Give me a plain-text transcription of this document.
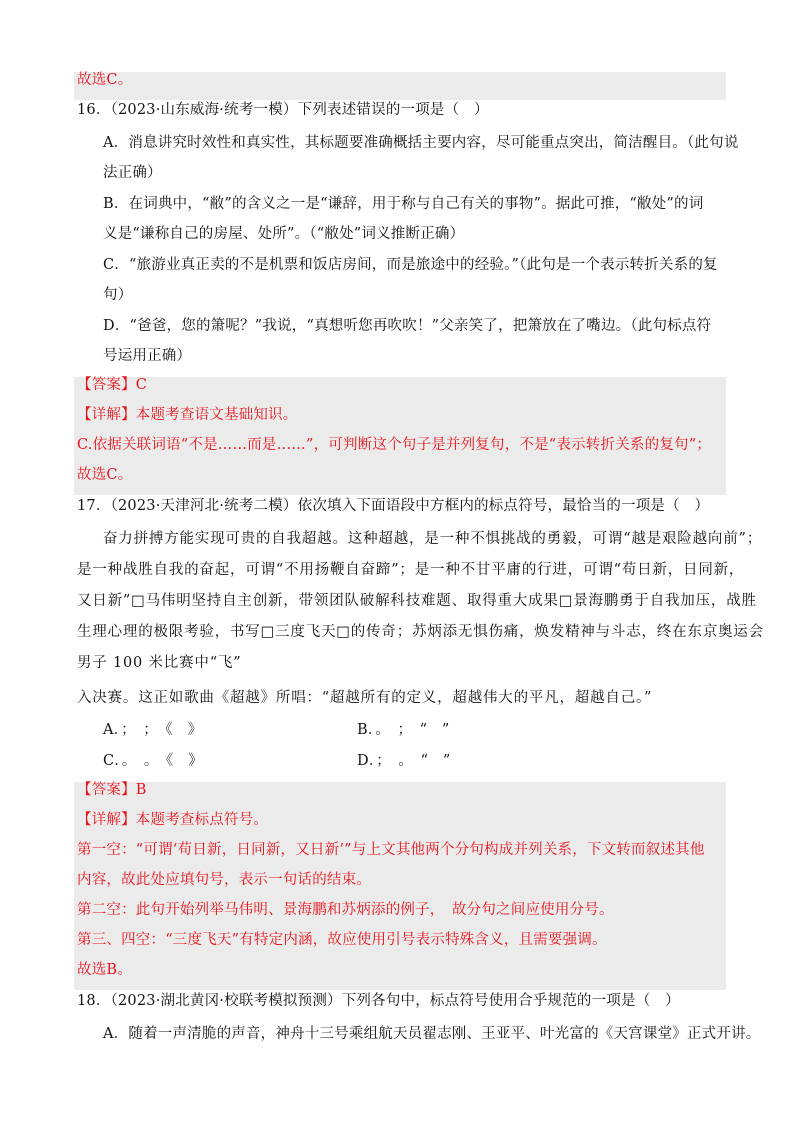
故选C。
16．（2023·山东威海·统考一模）下列表述错误的一项是（　）
A．消息讲究时效性和真实性，其标题要准确概括主要内容，尽可能重点突出，简洁醒目。（此句说
法正确）
B．在词典中，“敝”的含义之一是“谦辞，用于称与自己有关的事物”。据此可推，“敝处”的词
义是“谦称自己的房屋、处所”。（“敝处”词义推断正确）
C．“旅游业真正卖的不是机票和饭店房间，而是旅途中的经验。”（此句是一个表示转折关系的复
句）
D．“爸爸，您的箫呢？”我说，“真想听您再吹吹！”父亲笑了，把箫放在了嘴边。（此句标点符
号运用正确）
【答案】C
【详解】本题考查语文基础知识。
C.依据关联词语“不是……而是……”，可判断这个句子是并列复句，不是“表示转折关系的复句”；
故选C。
17．（2023·天津河北·统考二模）依次填入下面语段中方框内的标点符号，最恰当的一项是（　）
奋力拼搏方能实现可贵的自我超越。这种超越，是一种不惧挑战的勇毅，可谓“越是艰险越向前”；
是一种战胜自我的奋起，可谓“不用扬鞭自奋蹄”；是一种不甘平庸的行进，可谓“苟日新，日同新，
又日新”□马伟明坚持自主创新，带领团队破解科技难题、取得重大成果□景海鹏勇于自我加压，战胜
生理心理的极限考验，书写□三度飞天□的传奇；苏炳添无惧伤痛，焕发精神与斗志，终在东京奥运会
男子 100 米比赛中“飞”
入决赛。这正如歌曲《超越》所唱：“超越所有的定义，超越伟大的平凡，超越自己。”
A．；　；　《　》	B．。　；　“　”
C．。　。　《　》	D．；　。　“　”
【答案】B
【详解】本题考查标点符号。
第一空：“可谓‘苟日新，日同新，又日新’”与上文其他两个分句构成并列关系，下文转而叙述其他
内容，故此处应填句号，表示一句话的结束。
第二空：此句开始列举马伟明、景海鹏和苏炳添的例子，　故分句之间应使用分号。
第三、四空：“三度飞天”有特定内涵，故应使用引号表示特殊含义，且需要强调。
故选B。
18．（2023·湖北黄冈·校联考模拟预测）下列各句中，标点符号使用合乎规范的一项是（　）
A．随着一声清脆的声音，神舟十三号乘组航天员翟志刚、王亚平、叶光富的《天宫课堂》正式开讲。
